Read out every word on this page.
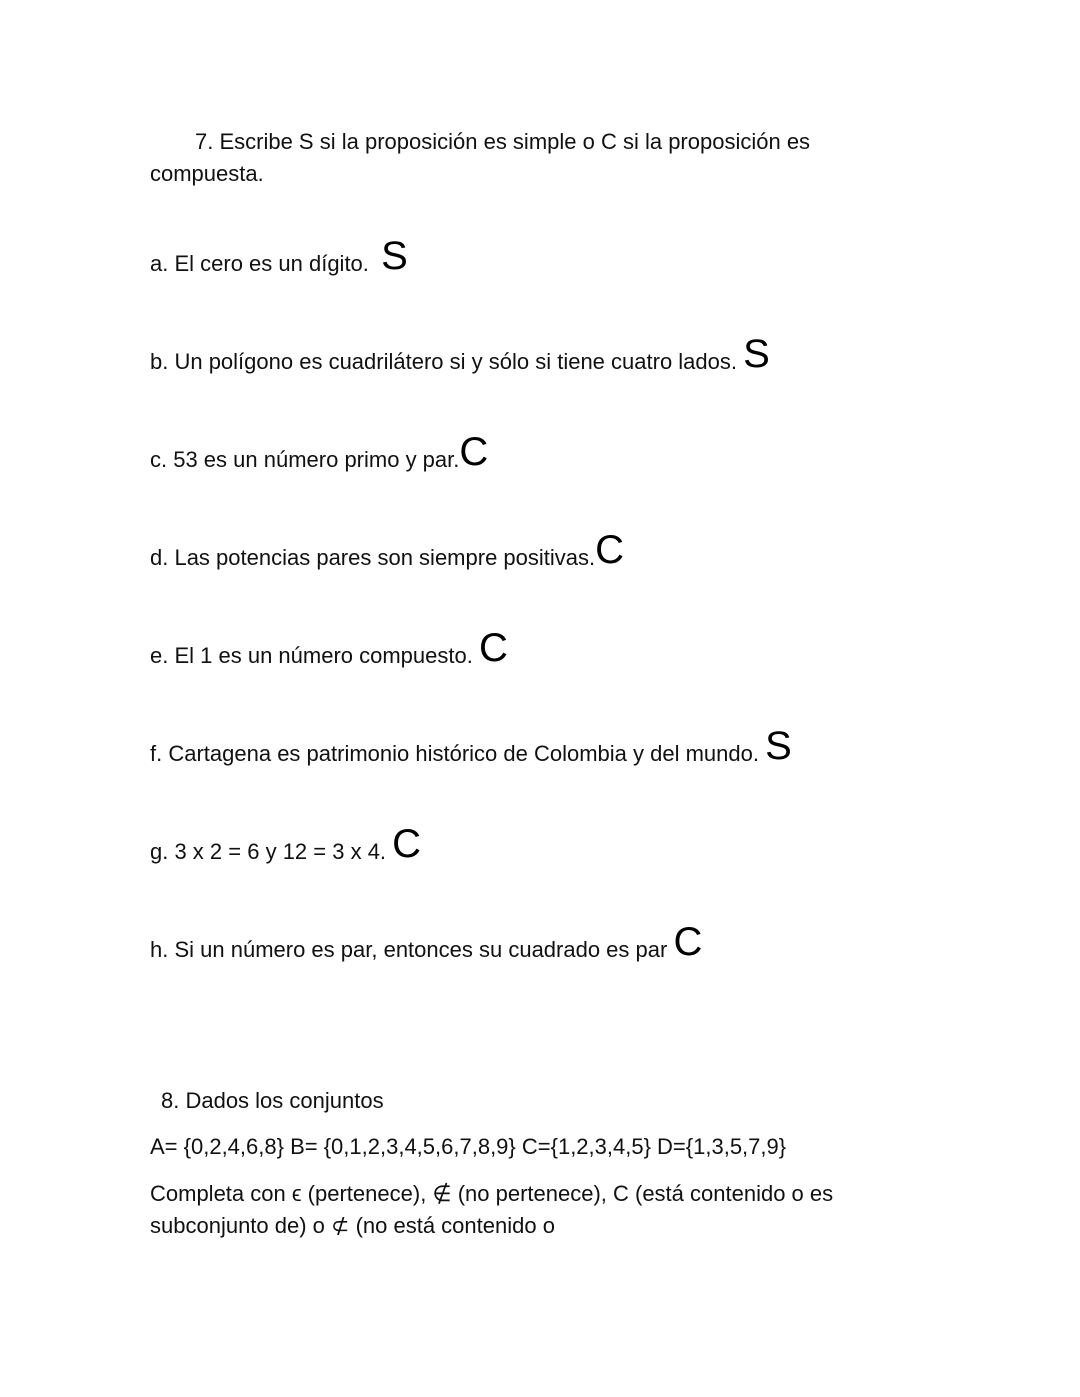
7. Escribe S si la proposición es simple o C si la proposición es compuesta.
a. El cero es un dígito. S
b. Un polígono es cuadrilátero si y sólo si tiene cuatro lados. S
c. 53 es un número primo y par.C
d. Las potencias pares son siempre positivas.C
e. El 1 es un número compuesto. C
f. Cartagena es patrimonio histórico de Colombia y del mundo. S
g. 3 x 2 = 6 y 12 = 3 x 4. C
h. Si un número es par, entonces su cuadrado es par C
8. Dados los conjuntos
A= {0,2,4,6,8} B= {0,1,2,3,4,5,6,7,8,9} C={1,2,3,4,5} D={1,3,5,7,9}
Completa con ϵ (pertenece), ∉ (no pertenece), C (está contenido o es subconjunto de) o ⊄ (no está contenido o
